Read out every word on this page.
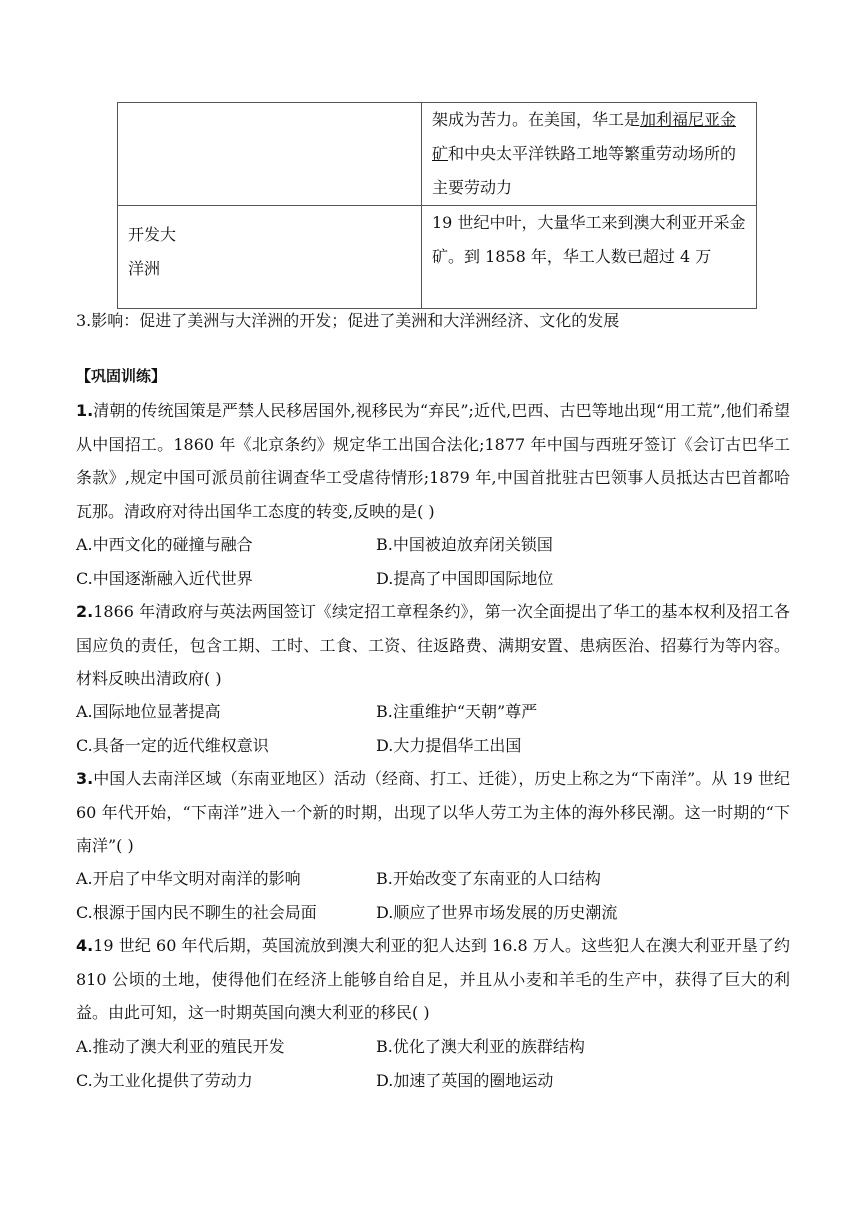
	架成为苦力。在美国，华工是加利福尼亚金矿和中央太平洋铁路工地等繁重劳动场所的主要劳动力

开发大
洋洲	19 世纪中叶，大量华工来到澳大利亚开采金矿。到 1858 年，华工人数已超过 4 万
3.影响：促进了美洲与大洋洲的开发；促进了美洲和大洋洲经济、文化的发展
【巩固训练】
1.清朝的传统国策是严禁人民移居国外,视移民为“弃民”;近代,巴西、古巴等地出现“用工荒”,他们希望从中国招工。1860 年《北京条约》规定华工出国合法化;1877 年中国与西班牙签订《会订古巴华工条款》,规定中国可派员前往调查华工受虐待情形;1879 年,中国首批驻古巴领事人员抵达古巴首都哈瓦那。清政府对待出国华工态度的转变,反映的是( )
A.中西文化的碰撞与融合	B.中国被迫放弃闭关锁国
C.中国逐渐融入近代世界	D.提高了中国即国际地位
2.1866 年清政府与英法两国签订《续定招工章程条约》，第一次全面提出了华工的基本权利及招工各国应负的责任，包含工期、工时、工食、工资、往返路费、满期安置、患病医治、招募行为等内容。材料反映出清政府( )
A.国际地位显著提高	B.注重维护“天朝”尊严
C.具备一定的近代维权意识	D.大力提倡华工出国
3.中国人去南洋区域（东南亚地区）活动（经商、打工、迁徙），历史上称之为“下南洋”。从 19 世纪 60 年代开始，“下南洋”进入一个新的时期，出现了以华人劳工为主体的海外移民潮。这一时期的“下南洋”( )
A.开启了中华文明对南洋的影响	B.开始改变了东南亚的人口结构
C.根源于国内民不聊生的社会局面	D.顺应了世界市场发展的历史潮流
4.19 世纪 60 年代后期，英国流放到澳大利亚的犯人达到 16.8 万人。这些犯人在澳大利亚开垦了约 810 公顷的土地，使得他们在经济上能够自给自足，并且从小麦和羊毛的生产中，获得了巨大的利益。由此可知，这一时期英国向澳大利亚的移民( )
A.推动了澳大利亚的殖民开发	B.优化了澳大利亚的族群结构
C.为工业化提供了劳动力	D.加速了英国的圈地运动
